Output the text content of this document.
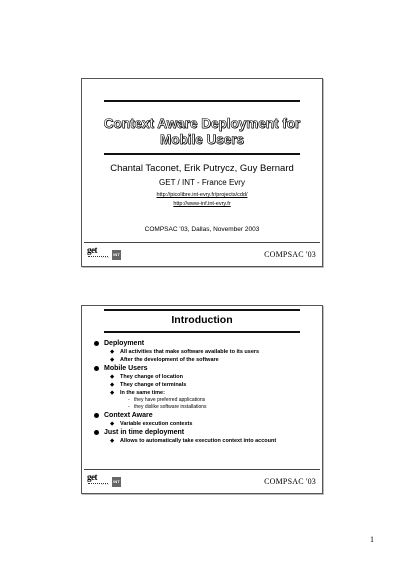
Context Aware Deployment for
Mobile Users
Chantal Taconet, Erik Putrycz, Guy Bernard
GET / INT - France Evry
http://picolibre.int-evry.fr/projects/cdd/
http://www-inf.int-evry.fr
COMPSAC '03, Dallas, November 2003
get
. . .	INT	COMPSAC '03
Introduction
Deployment
◆ All activities that make software available to its users
◆ After the development of the software
Mobile Users
◆ They change of location
◆ They change of terminals
◆ In the same time:
- they have preferred applications
- they dislike software installations
Context Aware
◆ Variable execution contexts
Just in time deployment
◆ Allows to automatically take execution context into account
get
. . .	INT	COMPSAC '03
1
